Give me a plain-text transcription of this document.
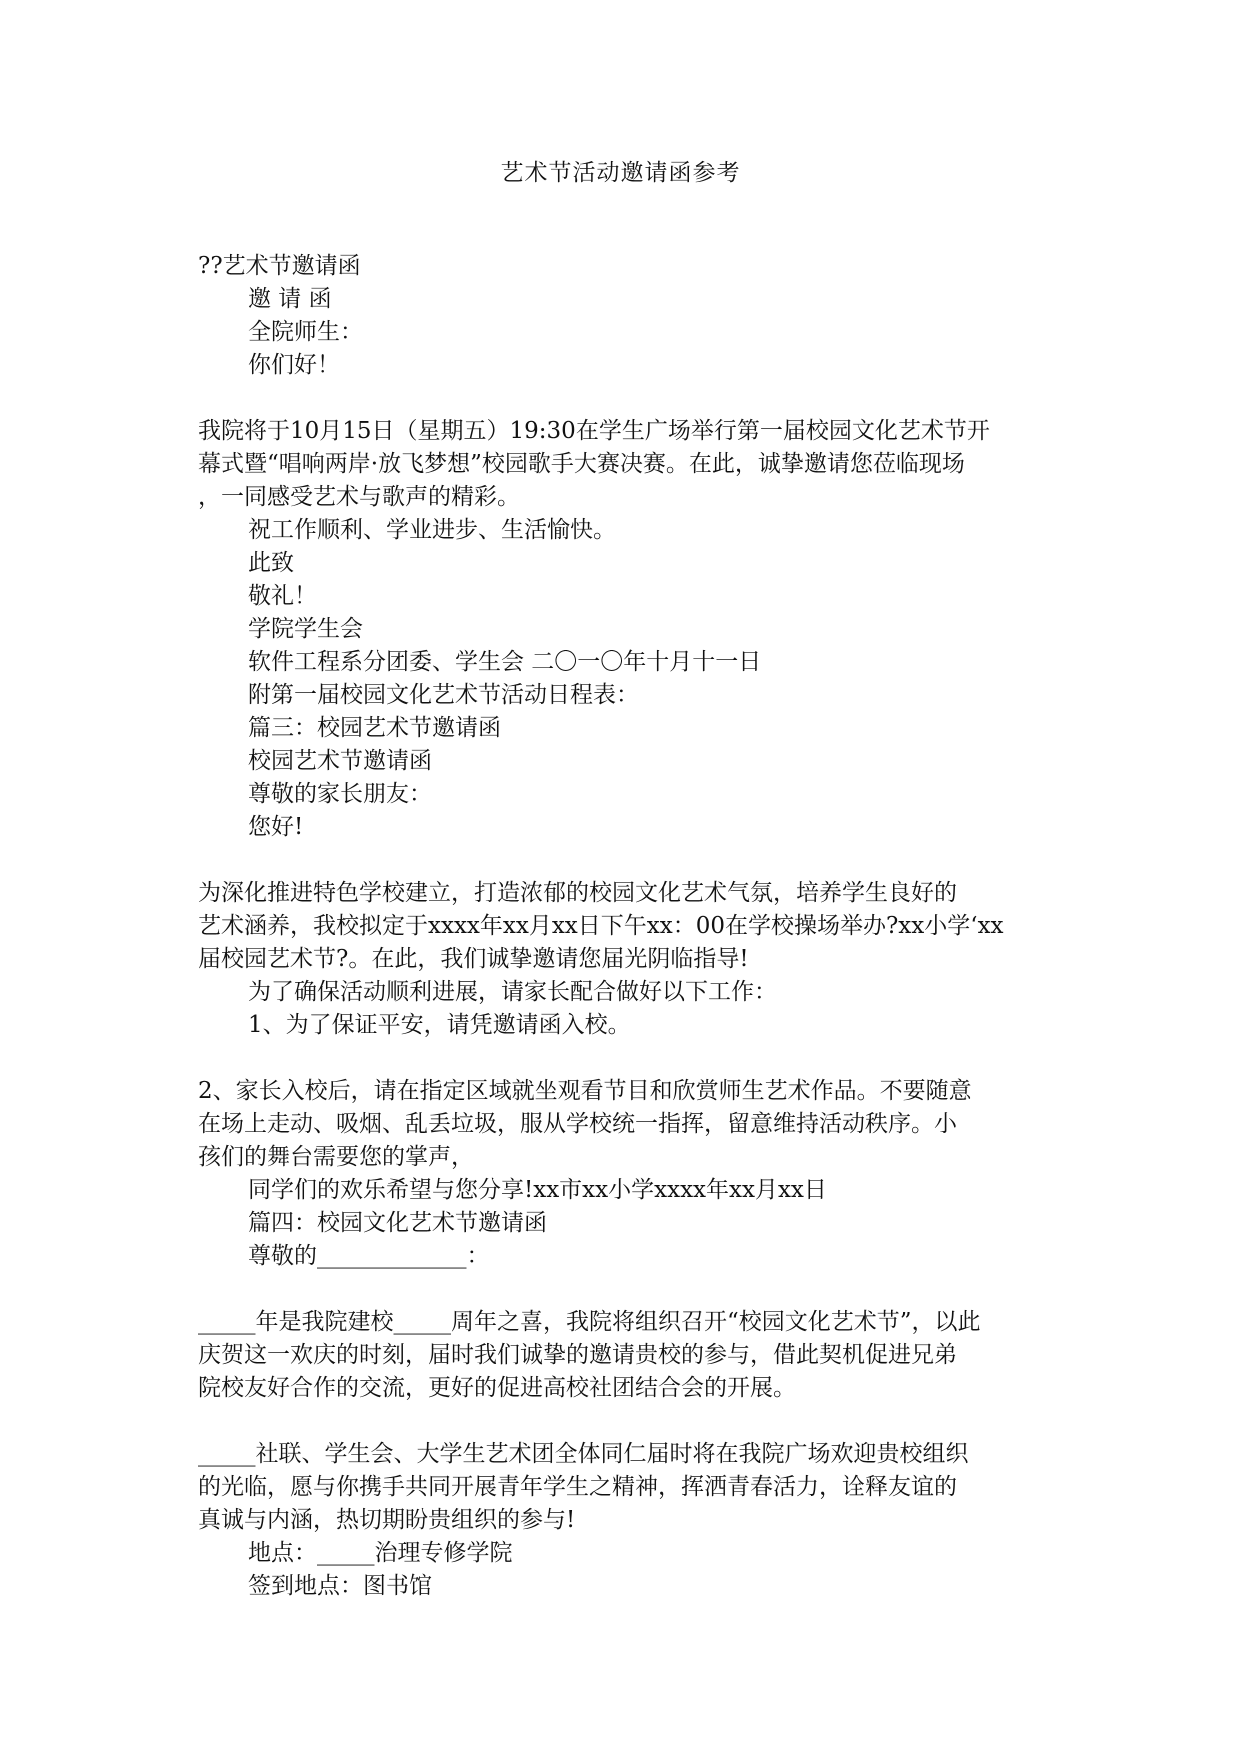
艺术节活动邀请函参考
??艺术节邀请函
邀 请 函
全院师生：
你们好！
我院将于10月15日（星期五）19:30在学生广场举行第一届校园文化艺术节开
幕式暨“唱响两岸·放飞梦想”校园歌手大赛决赛。在此，诚挚邀请您莅临现场
，一同感受艺术与歌声的精彩。
祝工作顺利、学业进步、生活愉快。
此致
敬礼！
学院学生会
软件工程系分团委、学生会 二〇一〇年十月十一日
附第一届校园文化艺术节活动日程表：
篇三：校园艺术节邀请函
校园艺术节邀请函
尊敬的家长朋友：
您好!
为深化推进特色学校建立，打造浓郁的校园文化艺术气氛，培养学生良好的
艺术涵养，我校拟定于xxxx年xx月xx日下午xx：00在学校操场举办?xx小学‘xx
届校园艺术节?。在此，我们诚挚邀请您届光阴临指导!
为了确保活动顺利进展，请家长配合做好以下工作：
1、为了保证平安，请凭邀请函入校。
2、家长入校后，请在指定区域就坐观看节目和欣赏师生艺术作品。不要随意
在场上走动、吸烟、乱丢垃圾，服从学校统一指挥，留意维持活动秩序。小
孩们的舞台需要您的掌声，
同学们的欢乐希望与您分享!xx市xx小学xxxx年xx月xx日
篇四：校园文化艺术节邀请函
尊敬的_____________：
_____年是我院建校_____周年之喜，我院将组织召开“校园文化艺术节”，以此
庆贺这一欢庆的时刻，届时我们诚挚的邀请贵校的参与，借此契机促进兄弟
院校友好合作的交流，更好的促进高校社团结合会的开展。
_____社联、学生会、大学生艺术团全体同仁届时将在我院广场欢迎贵校组织
的光临，愿与你携手共同开展青年学生之精神，挥洒青春活力，诠释友谊的
真诚与内涵，热切期盼贵组织的参与!
地点：_____治理专修学院
签到地点：图书馆
